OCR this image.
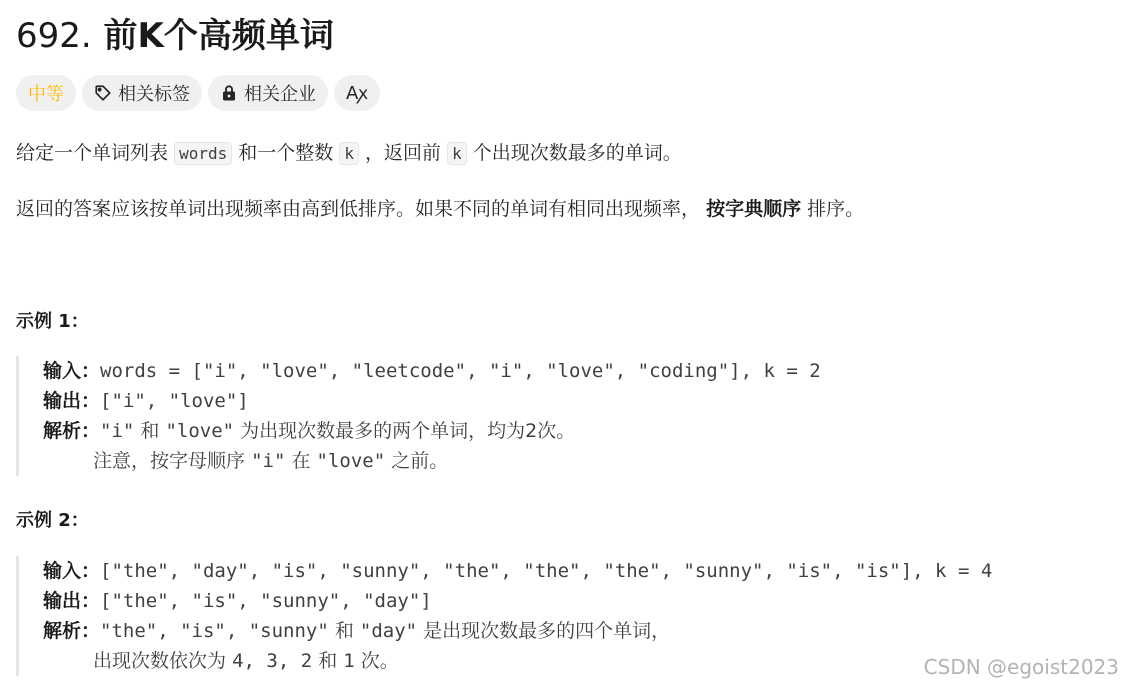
692. 前K个高频单词
中等	相关标签	相关企业 Aꭗ
给定一个单词列表 words 和一个整数 k ，返回前 k 个出现次数最多的单词。
返回的答案应该按单词出现频率由高到低排序。如果不同的单词有相同出现频率， 按字典顺序 排序。
示例 1：
输入：words = ["i", "love", "leetcode", "i", "love", "coding"], k = 2
输出：["i", "love"]
解析："i" 和 "love" 为出现次数最多的两个单词，均为2次。
注意，按字母顺序 "i" 在 "love" 之前。
示例 2：
输入：["the", "day", "is", "sunny", "the", "the", "the", "sunny", "is", "is"], k = 4
输出：["the", "is", "sunny", "day"]
解析："the", "is", "sunny" 和 "day" 是出现次数最多的四个单词，
出现次数依次为 4, 3, 2 和 1 次。	CSDN @egoist2023
